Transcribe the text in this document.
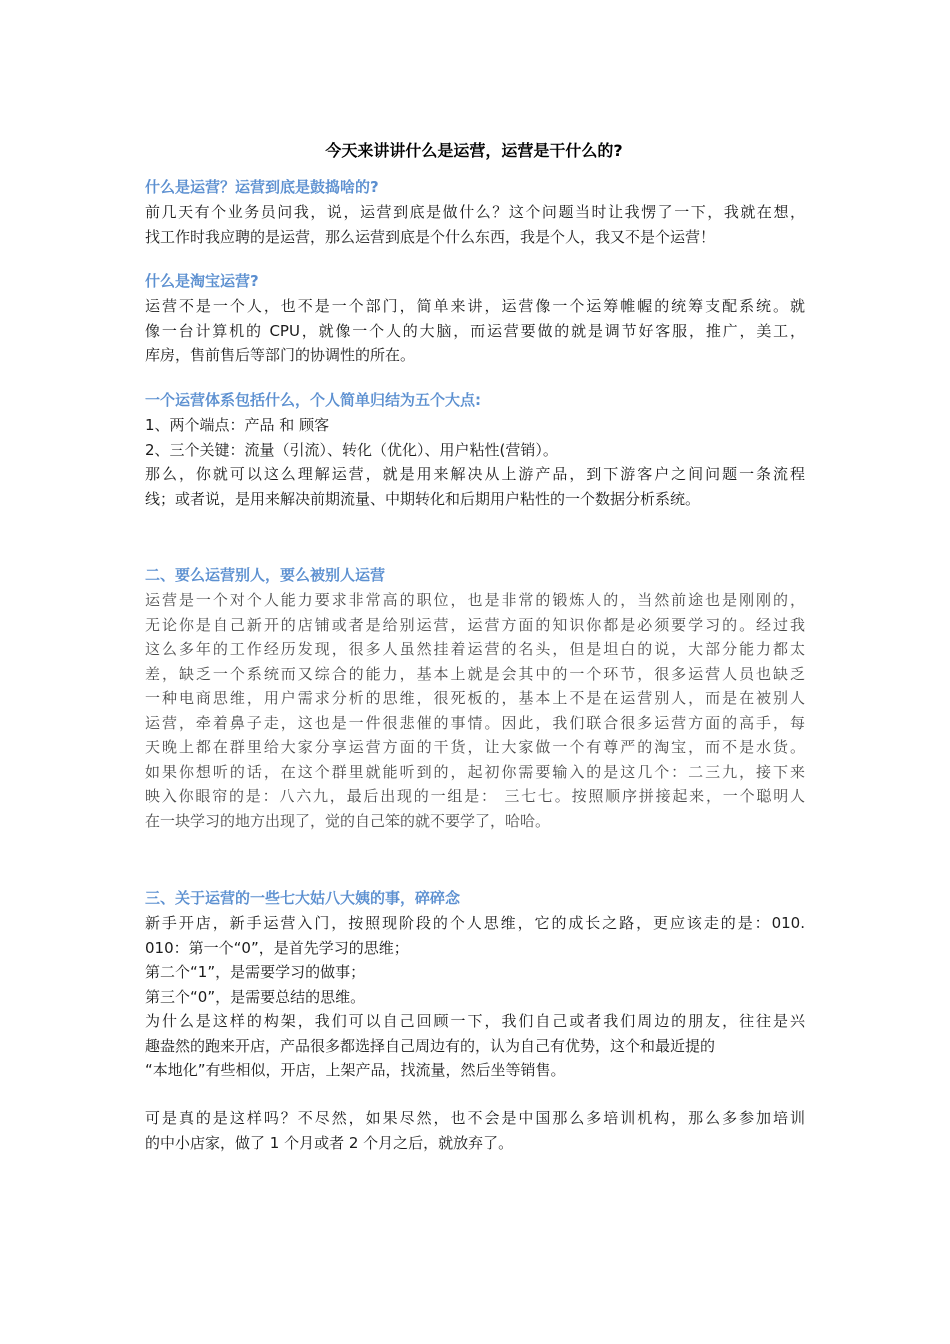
今天来讲讲什么是运营，运营是干什么的?
什么是运营？运营到底是鼓捣啥的?
前几天有个业务员问我，说，运营到底是做什么？这个问题当时让我愣了一下，我就在想，
找工作时我应聘的是运营，那么运营到底是个什么东西，我是个人，我又不是个运营！
什么是淘宝运营?
运营不是一个人，也不是一个部门，简单来讲，运营像一个运筹帷幄的统筹支配系统。就
像一台计算机的 CPU，就像一个人的大脑，而运营要做的就是调节好客服，推广，美工，
库房，售前售后等部门的协调性的所在。
一个运营体系包括什么，个人简单归结为五个大点:
1、两个端点：产品 和 顾客
2、三个关键：流量（引流）、转化（优化）、用户粘性(营销）。
那么，你就可以这么理解运营，就是用来解决从上游产品，到下游客户之间问题一条流程
线；或者说，是用来解决前期流量、中期转化和后期用户粘性的一个数据分析系统。
二、要么运营别人，要么被别人运营
运营是一个对个人能力要求非常高的职位，也是非常的锻炼人的，当然前途也是刚刚的，
无论你是自己新开的店铺或者是给别运营，运营方面的知识你都是必须要学习的。经过我
这么多年的工作经历发现，很多人虽然挂着运营的名头，但是坦白的说，大部分能力都太
差，缺乏一个系统而又综合的能力，基本上就是会其中的一个环节，很多运营人员也缺乏
一种电商思维，用户需求分析的思维，很死板的，基本上不是在运营别人，而是在被别人
运营，牵着鼻子走，这也是一件很悲催的事情。因此，我们联合很多运营方面的高手，每
天晚上都在群里给大家分享运营方面的干货，让大家做一个有尊严的淘宝，而不是水货。
如果你想听的话，在这个群里就能听到的，起初你需要输入的是这几个：二三九，接下来
映入你眼帘的是：八六九，最后出现的一组是： 三七七。按照顺序拼接起来，一个聪明人
在一块学习的地方出现了，觉的自己笨的就不要学了，哈哈。
三、关于运营的一些七大姑八大姨的事，碎碎念
新手开店，新手运营入门，按照现阶段的个人思维，它的成长之路，更应该走的是：010.
010：第一个“0”，是首先学习的思维；
第二个“1”，是需要学习的做事；
第三个“0”，是需要总结的思维。
为什么是这样的构架，我们可以自己回顾一下，我们自己或者我们周边的朋友，往往是兴
趣盎然的跑来开店，产品很多都选择自己周边有的，认为自己有优势，这个和最近提的
“本地化”有些相似，开店，上架产品，找流量，然后坐等销售。
可是真的是这样吗？不尽然，如果尽然，也不会是中国那么多培训机构，那么多参加培训
的中小店家，做了 1 个月或者 2 个月之后，就放弃了。
